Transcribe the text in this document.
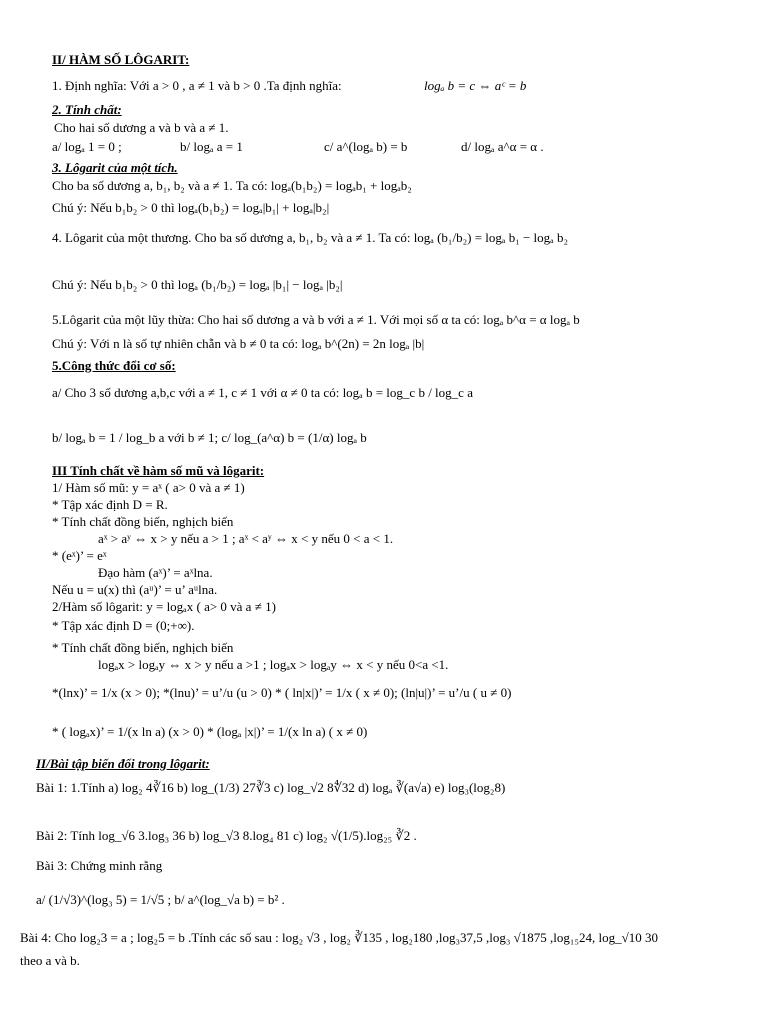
II/ HÀM SỐ LÔGARIT:
1. Định nghĩa: Với a > 0 , a ≠ 1 và b > 0 .Ta định nghĩa:	logₐ b = c ⇔ aᶜ = b
2. Tính chất:
Cho hai số dương a và b và a ≠ 1.
a/ logₐ 1 = 0 ;	b/ logₐ a = 1	c/ a^(logₐ b) = b	d/ logₐ a^α = α .
3. Lôgarit của một tích.
Cho ba số dương a, b₁, b₂ và a ≠ 1. Ta có: logₐ(b₁b₂) = logₐb₁ + logₐb₂
Chú ý: Nếu b₁b₂ > 0 thì logₐ(b₁b₂) = logₐ|b₁| + logₐ|b₂|
4. Lôgarit của một thương. Cho ba số dương a, b₁, b₂ và a ≠ 1. Ta có: logₐ (b₁/b₂) = logₐ b₁ − logₐ b₂
Chú ý: Nếu b₁b₂ > 0 thì logₐ (b₁/b₂) = logₐ |b₁| − logₐ |b₂|
5.Lôgarit của một lũy thừa: Cho hai số dương a và b với a ≠ 1. Với mọi số α ta có: logₐ b^α = α logₐ b
Chú ý: Với n là số tự nhiên chẵn và b ≠ 0 ta có: logₐ b^(2n) = 2n logₐ |b|
5.Công thức đổi cơ số:
a/ Cho 3 số dương a,b,c với a ≠ 1, c ≠ 1 với α ≠ 0 ta có: logₐ b = log_c b / log_c a
b/ logₐ b = 1 / log_b a với b ≠ 1; c/ log_(a^α) b = (1/α) logₐ b
III Tính chất về hàm số mũ và lôgarit:
1/ Hàm số mũ: y = aˣ ( a> 0 và a ≠ 1)
* Tập xác định D = R.
* Tính chất đồng biến, nghịch biến
aˣ > aʸ ⇔ x > y nếu a > 1 ; aˣ < aʸ ⇔ x < y nếu 0 < a < 1.
* (eˣ)’ = eˣ
Đạo hàm (aˣ)’ = aˣlna.
Nếu u = u(x) thì (aᵘ)’ = u’ aᵘlna.
2/Hàm số lôgarit: y = logₐx ( a> 0 và a ≠ 1)
* Tập xác định D = (0;+∞).
* Tính chất đồng biến, nghịch biến
logₐx > logₐy ⇔ x > y nếu a >1 ; logₐx > logₐy ⇔ x < y nếu 0<a <1.
*(lnx)’ = 1/x (x > 0); *(lnu)’ = u’/u (u > 0) * ( ln|x|)’ = 1/x ( x ≠ 0); (ln|u|)’ = u’/u ( u ≠ 0)
* ( logₐx)’ = 1/(x ln a) (x > 0) * (logₐ |x|)’ = 1/(x ln a) ( x ≠ 0)
II/Bài tập biến đổi trong lôgarit:
Bài 1: 1.Tính a) log₂ 4∛16 b) log_(1/3) 27∛3 c) log_√2 8∜32 d) logₐ ∛(a√a) e) log₃(log₂8)
Bài 2: Tính log_√6 3.log₃ 36 b) log_√3 8.log₄ 81 c) log₂ √(1/5).log₂₅ ∛2 .
Bài 3: Chứng minh rằng
a/ (1/√3)^(log₃ 5) = 1/√5 ; b/ a^(log_√a b) = b² .
Bài 4: Cho log₂3 = a ; log₂5 = b .Tính các số sau : log₂ √3 , log₂ ∛135 , log₂180 ,log₃37,5 ,log₃ √1875 ,log₁₅24, log_√10 30
theo a và b.
